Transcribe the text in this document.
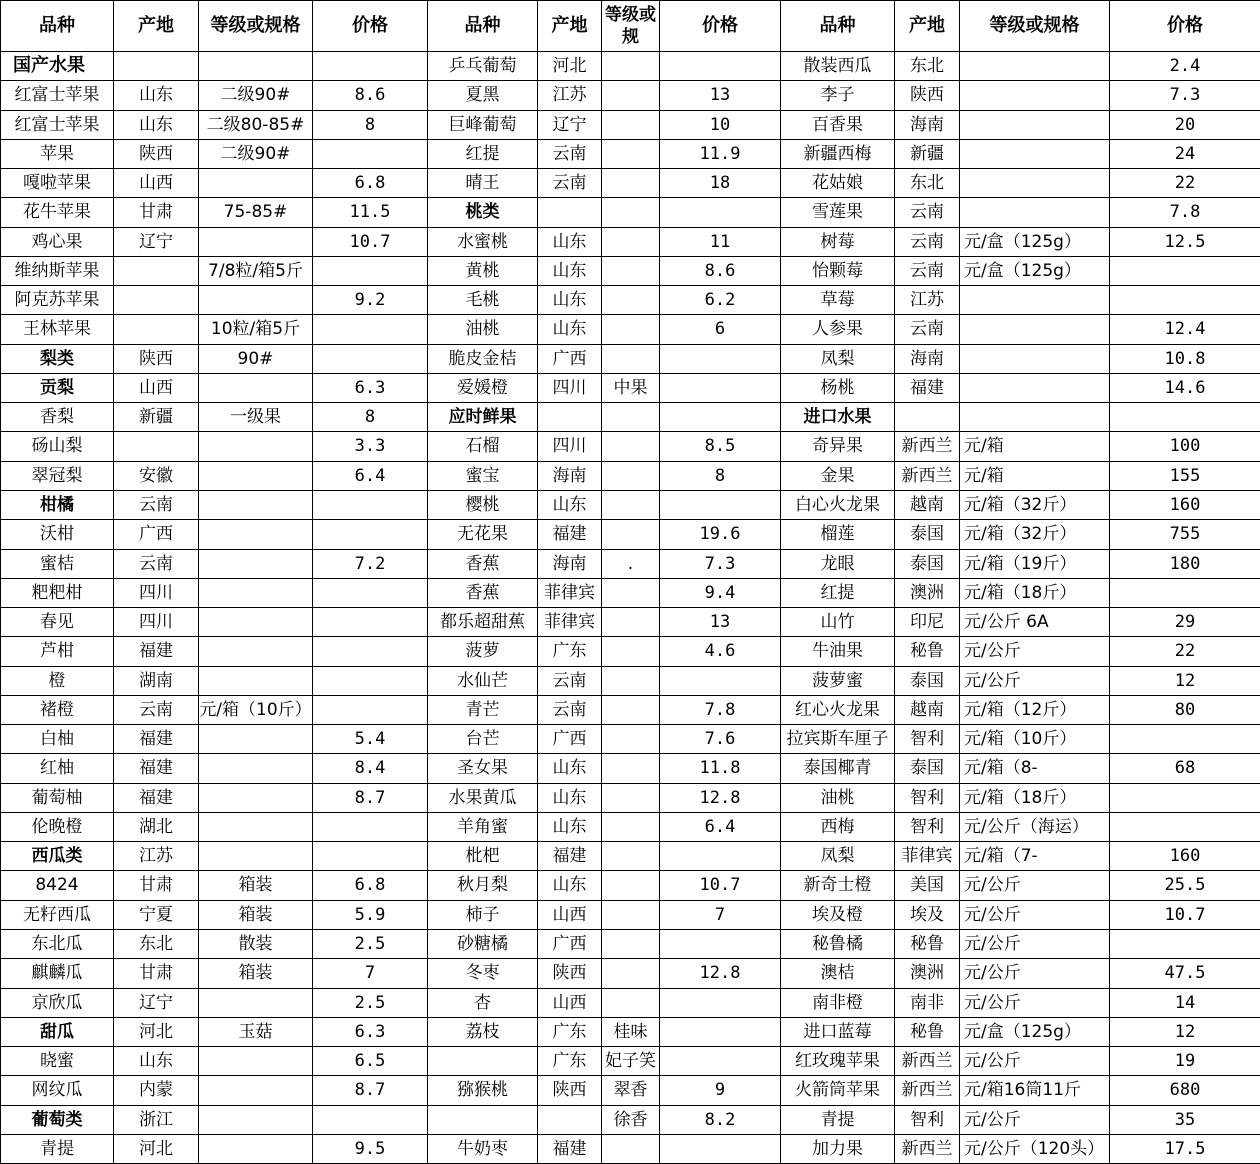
品种	产地	等级或规格	价格	品种	产地	等级或规	价格	品种	产地	等级或规格	价格
国产水果				乒乓葡萄	河北			散装西瓜	东北		2.4
红富士苹果	山东	二级90#	8.6	夏黑	江苏		13	李子	陕西		7.3
红富士苹果	山东	二级80-85#	8	巨峰葡萄	辽宁		10	百香果	海南		20
苹果	陕西	二级90#		红提	云南		11.9	新疆西梅	新疆		24
嘎啦苹果	山西		6.8	晴王	云南		18	花姑娘	东北		22
花牛苹果	甘肃	75-85#	11.5	桃类				雪莲果	云南		7.8
鸡心果	辽宁		10.7	水蜜桃	山东		11	树莓	云南	元/盒（125g）	12.5
维纳斯苹果		7/8粒/箱5斤		黄桃	山东		8.6	怡颗莓	云南	元/盒（125g）	
阿克苏苹果			9.2	毛桃	山东		6.2	草莓	江苏		
王林苹果		10粒/箱5斤		油桃	山东		6	人参果	云南		12.4
梨类	陕西	90#		脆皮金桔	广西			凤梨	海南		10.8
贡梨	山西		6.3	爱媛橙	四川	中果		杨桃	福建		14.6
香梨	新疆	一级果	8	应时鲜果				进口水果			
砀山梨			3.3	石榴	四川		8.5	奇异果	新西兰	元/箱	100
翠冠梨	安徽		6.4	蜜宝	海南		8	金果	新西兰	元/箱	155
柑橘	云南			樱桃	山东			白心火龙果	越南	元/箱（32斤）	160
沃柑	广西			无花果	福建		19.6	榴莲	泰国	元/箱（32斤）	755
蜜桔	云南		7.2	香蕉	海南	.	7.3	龙眼	泰国	元/箱（19斤）	180
粑粑柑	四川			香蕉	菲律宾		9.4	红提	澳洲	元/箱（18斤）	
春见	四川			都乐超甜蕉	菲律宾		13	山竹	印尼	元/公斤 6A	29
芦柑	福建			菠萝	广东		4.6	牛油果	秘鲁	元/公斤	22
橙	湖南			水仙芒	云南			菠萝蜜	泰国	元/公斤	12
褚橙	云南	元/箱（10斤）		青芒	云南		7.8	红心火龙果	越南	元/箱（12斤）	80
白柚	福建		5.4	台芒	广西		7.6	拉宾斯车厘子	智利	元/箱（10斤）	
红柚	福建		8.4	圣女果	山东		11.8	泰国椰青	泰国	元/箱（8-	68
葡萄柚	福建		8.7	水果黄瓜	山东		12.8	油桃	智利	元/箱（18斤）	
伦晚橙	湖北			羊角蜜	山东		6.4	西梅	智利	元/公斤（海运）	
西瓜类	江苏			枇杷	福建			凤梨	菲律宾	元/箱（7-	160
8424	甘肃	箱装	6.8	秋月梨	山东		10.7	新奇士橙	美国	元/公斤	25.5
无籽西瓜	宁夏	箱装	5.9	柿子	山西		7	埃及橙	埃及	元/公斤	10.7
东北瓜	东北	散装	2.5	砂糖橘	广西			秘鲁橘	秘鲁	元/公斤	
麒麟瓜	甘肃	箱装	7	冬枣	陕西		12.8	澳桔	澳洲	元/公斤	47.5
京欣瓜	辽宁		2.5	杏	山西			南非橙	南非	元/公斤	14
甜瓜	河北	玉菇	6.3	荔枝	广东	桂味		进口蓝莓	秘鲁	元/盒（125g）	12
晓蜜	山东		6.5		广东	妃子笑		红玫瑰苹果	新西兰	元/公斤	19
网纹瓜	内蒙		8.7	猕猴桃	陕西	翠香	9	火箭筒苹果	新西兰	元/箱16筒11斤	680
葡萄类	浙江					徐香	8.2	青提	智利	元/公斤	35
青提	河北		9.5	牛奶枣	福建			加力果	新西兰	元/公斤（120头）	17.5
